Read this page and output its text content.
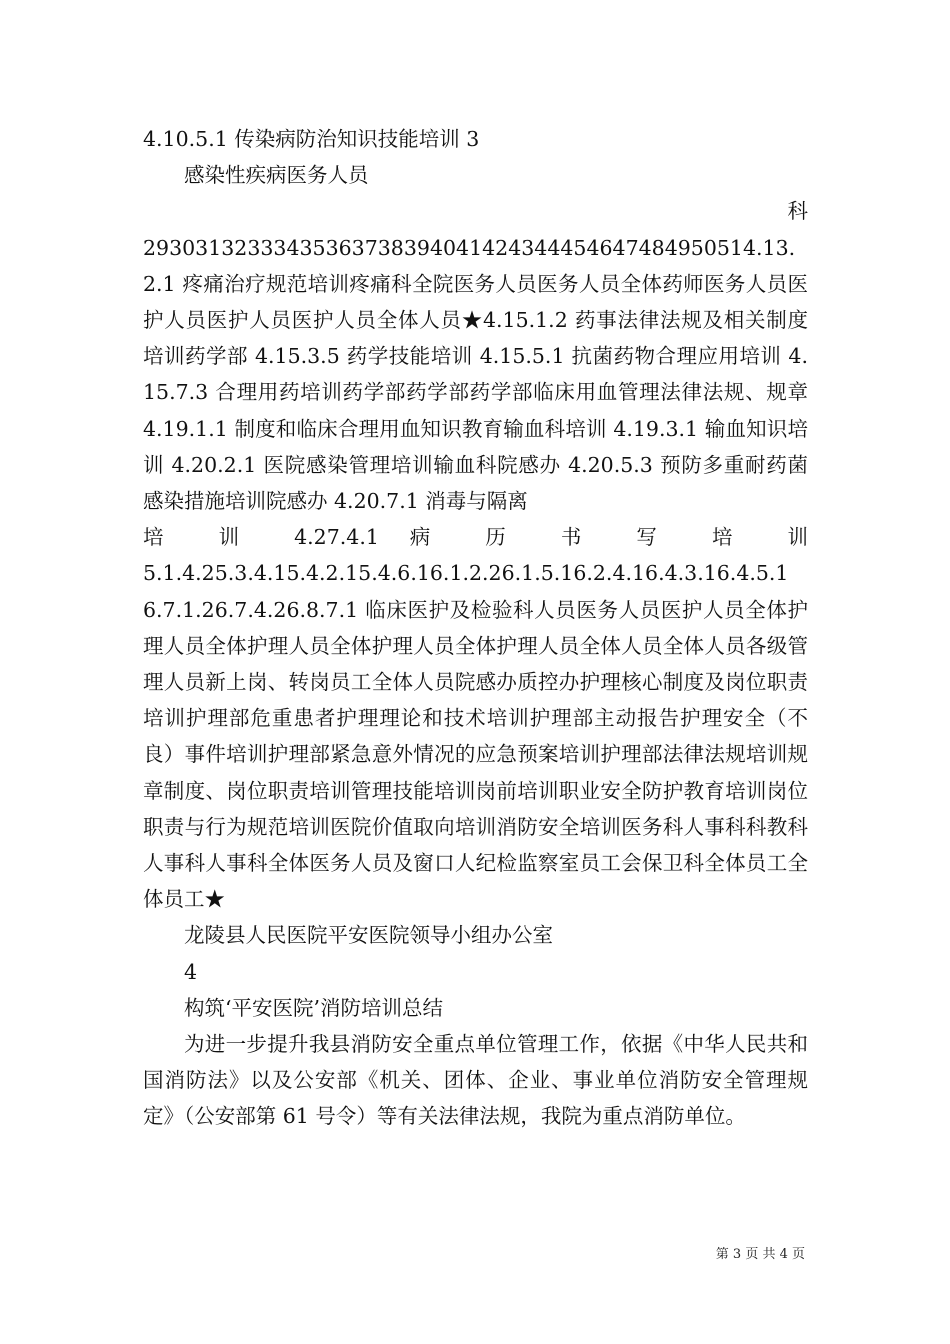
4.10.5.1 传染病防治知识技能培训 3

感染性疾病医务人员

科

29303132333435363738394041424344454647484950514.13.2.1 疼痛治疗规范培训疼痛科全院医务人员医务人员全体药师医务人员医护人员医护人员医护人员全体人员★4.15.1.2 药事法律法规及相关制度培训药学部 4.15.3.5 药学技能培训 4.15.5.1 抗菌药物合理应用培训 4.15.7.3 合理用药培训药学部药学部药学部临床用血管理法律法规、规章 4.19.1.1 制度和临床合理用血知识教育输血科培训 4.19.3.1 输血知识培训 4.20.2.1 医院感染管理培训输血科院感办 4.20.5.3 预防多重耐药菌感染措施培训院感办 4.20.7.1 消毒与隔离

培 训 4.27.4.1 病 历 书 写 培 训

5.1.4.25.3.4.15.4.2.15.4.6.16.1.2.26.1.5.16.2.4.16.4.3.16.4.5.16.7.1.26.7.4.26.8.7.1 临床医护及检验科人员医务人员医护人员全体护理人员全体护理人员全体护理人员全体护理人员全体人员全体人员各级管理人员新上岗、转岗员工全体人员院感办质控办护理核心制度及岗位职责培训护理部危重患者护理理论和技术培训护理部主动报告护理安全（不良）事件培训护理部紧急意外情况的应急预案培训护理部法律法规培训规章制度、岗位职责培训管理技能培训岗前培训职业安全防护教育培训岗位职责与行为规范培训医院价值取向培训消防安全培训医务科人事科科教科人事科人事科全体医务人员及窗口人纪检监察室员工会保卫科全体员工全体员工★

龙陵县人民医院平安医院领导小组办公室

4

构筑‘平安医院’消防培训总结

为进一步提升我县消防安全重点单位管理工作，依据《中华人民共和国消防法》以及公安部《机关、团体、企业、事业单位消防安全管理规定》（公安部第 61 号令）等有关法律法规，我院为重点消防单位。

第 3 页 共 4 页
